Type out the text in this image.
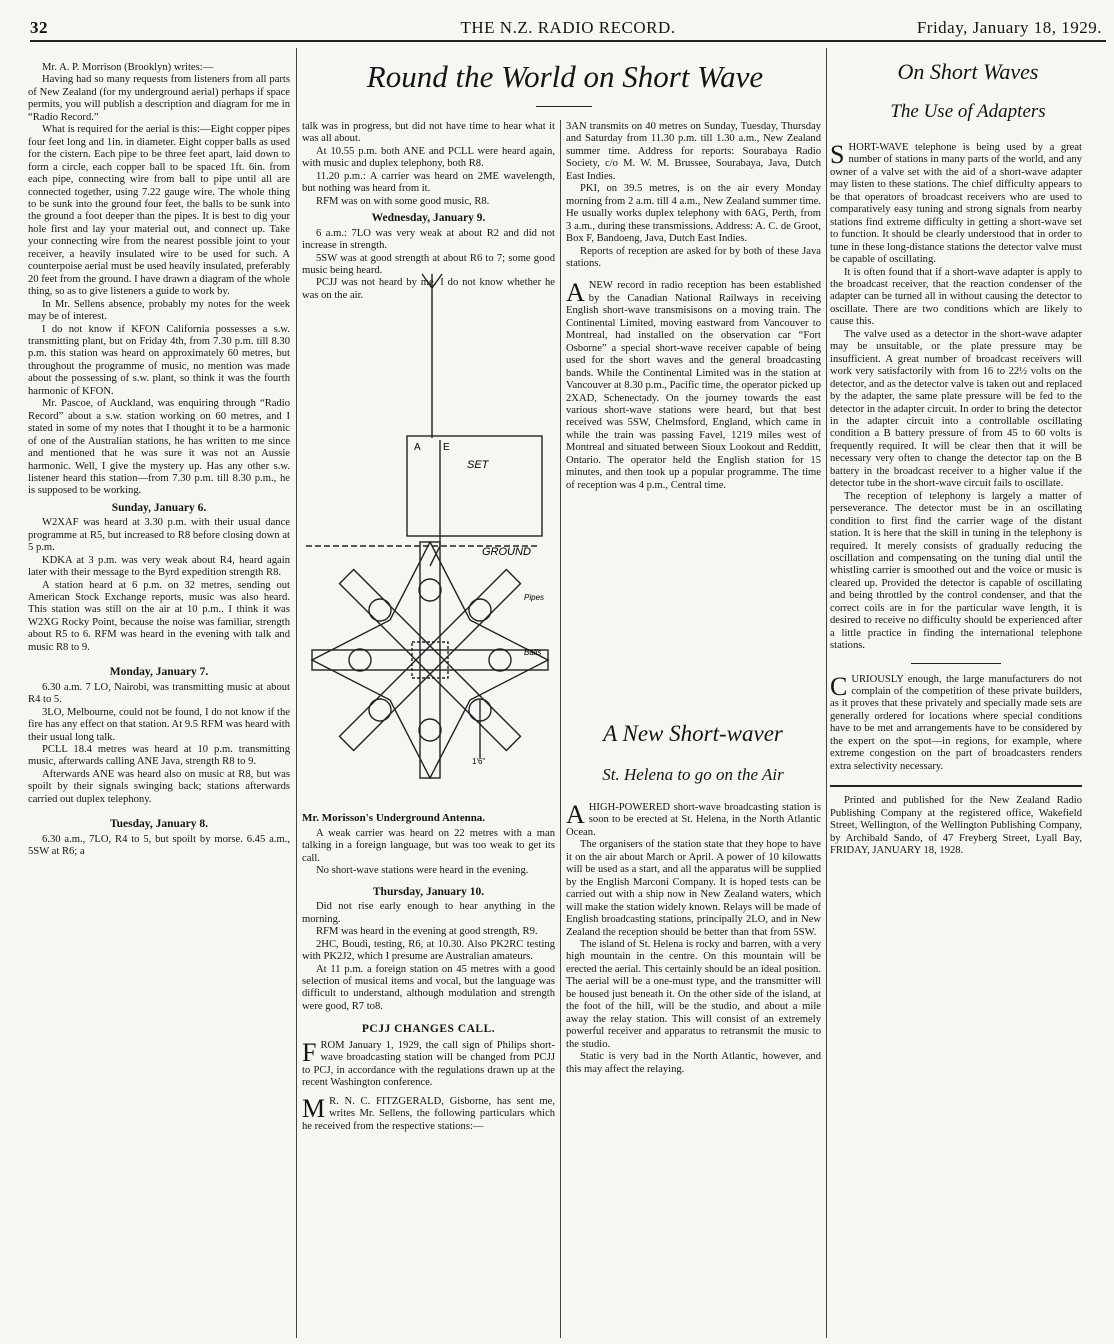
32	THE N.Z. RADIO RECORD.	Friday, January 18, 1929.

Mr. A. P. Morrison (Brooklyn) writes:—

Having had so many requests from listeners from all parts of New Zealand (for my underground aerial) perhaps if space permits, you will publish a description and diagram for me in “Radio Record.”

What is required for the aerial is this:—Eight copper pipes four feet long and 1in. in diameter. Eight copper balls as used for the cistern. Each pipe to be three feet apart, laid down to form a circle, each copper ball to be spaced 1ft. 6in. from each pipe, connecting wire from ball to pipe until all are connected together, using 7.22 gauge wire. The whole thing to be sunk into the ground four feet, the balls to be sunk into the ground a foot deeper than the pipes. It is best to dig your hole first and lay your material out, and connect up. Take your connecting wire from the nearest possible joint to your receiver, a heavily insulated wire to be used for such. A counterpoise aerial must be used heavily insulated, preferably 20 feet from the ground. I have drawn a diagram of the whole thing, so as to give listeners a guide to work by.

In Mr. Sellens absence, probably my notes for the week may be of interest.

I do not know if KFON California possesses a s.w. transmitting plant, but on Friday 4th, from 7.30 p.m. till 8.30 p.m. this station was heard on approximately 60 metres, but throughout the programme of music, no mention was made about the possessing of s.w. plant, so think it was the fourth harmonic of KFON.

Mr. Pascoe, of Auckland, was enquiring through “Radio Record” about a s.w. station working on 60 metres, and I stated in some of my notes that I thought it to be a harmonic of one of the Australian stations, he has written to me since and mentioned that he was sure it was not an Aussie harmonic. Well, I give the mystery up. Has any other s.w. listener heard this station—from 7.30 p.m. till 8.30 p.m., he is supposed to be working.

Sunday, January 6.

W2XAF was heard at 3.30 p.m. with their usual dance programme at R5, but increased to R8 before closing down at 5 p.m.

KDKA at 3 p.m. was very weak about R4, heard again later with their message to the Byrd expedition strength R8.

A station heard at 6 p.m. on 32 metres, sending out American Stock Exchange reports, music was also heard. This station was still on the air at 10 p.m.. I think it was W2XG Rocky Point, because the noise was familiar, strength about R5 to 6. RFM was heard in the evening with talk and music R8 to 9.

Monday, January 7.

6.30 a.m. 7 LO, Nairobi, was transmitting music at about R4 to 5.

3LO, Melbourne, could not be found, I do not know if the fire has any effect on that station. At 9.5 RFM was heard with their usual long talk.

PCLL 18.4 metres was heard at 10 p.m. transmitting music, afterwards calling ANE Java, strength R8 to 9.

Afterwards ANE was heard also on music at R8, but was spoilt by their signals swinging back; stations afterwards carried out duplex telephony.

Tuesday, January 8.

6.30 a.m., 7LO, R4 to 5, but spoilt by morse. 6.45 a.m., 5SW at R6; a

Round the World on Short Wave

talk was in progress, but did not have time to hear what it was all about.

At 10.55 p.m. both ANE and PCLL were heard again, with music and duplex telephony, both R8.

11.20 p.m.: A carrier was heard on 2ME wavelength, but nothing was heard from it.

RFM was on with some good music, R8.

Wednesday, January 9.

6 a.m.: 7LO was very weak at about R2 and did not increase in strength.

5SW was at good strength at about R6 to 7; some good music being heard.

PCJJ was not heard by me. I do not know whether he was on the air.

A E
SET
GROUND
Pipes
Balls
1'6"
Mr. Morisson's Underground Antenna.

A weak carrier was heard on 22 metres with a man talking in a foreign language, but was too weak to get its call.

No short-wave stations were heard in the evening.

Thursday, January 10.

Did not rise early enough to hear anything in the morning.

RFM was heard in the evening at good strength, R9.

2HC, Boudi, testing, R6, at 10.30. Also PK2RC testing with PK2J2, which I presume are Australian amateurs.

At 11 p.m. a foreign station on 45 metres with a good selection of musical items and vocal, but the language was difficult to understand, although modulation and strength were good, R7 to8.

PCJJ CHANGES CALL.

FROM January 1, 1929, the call sign of Philips short-wave broadcasting station will be changed from PCJJ to PCJ, in accordance with the regulations drawn up at the recent Washington conference.

M R. N. C. FITZGERALD, Gisborne, has sent me, writes Mr. Sellens, the following particulars which he received from the respective stations:—

3AN transmits on 40 metres on Sunday, Tuesday, Thursday and Saturday from 11.30 p.m. till 1.30 a.m., New Zealand summer time. Address for reports: Sourabaya Radio Society, c/o M. W. M. Brussee, Sourabaya, Java, Dutch East Indies.

PKI, on 39.5 metres, is on the air every Monday morning from 2 a.m. till 4 a.m., New Zealand summer time. He usually works duplex telephony with 6AG, Perth, from 3 a.m., during these transmissions. Address: A. C. de Groot, Box F, Bandoeng, Java, Dutch East Indies.

Reports of reception are asked for by both of these Java stations.

ANEW record in radio reception has been established by the Canadian National Railways in receiving English short-wave transmisisons on a moving train. The Continental Limited, moving eastward from Vancouver to Montreal, had installed on the observation car “Fort Osborne” a special short-wave receiver capable of being used for the short waves and the general broadcasting bands. While the Continental Limited was in the station at Vancouver at 8.30 p.m., Pacific time, the operator picked up 2XAD, Schenectady. On the journey towards the east various short-wave stations were heard, but that best received was 5SW, Chelmsford, England, which came in while the train was passing Favel, 1219 miles west of Montreal and situated between Sioux Lookout and Redditt, Ontario. The operator held the English station for 15 minutes, and then took up a popular programme. The time of reception was 4 p.m., Central time.

A New Short-waver
St. Helena to go on the Air

AHIGH-POWERED short-wave broadcasting station is soon to be erected at St. Helena, in the North Atlantic Ocean.

The organisers of the station state that they hope to have it on the air about March or April. A power of 10 kilowatts will be used as a start, and all the apparatus will be supplied by the English Marconi Company. It is hoped tests can be carried out with a ship now in New Zealand waters, which will make the station widely known. Relays will be made of English broadcasting stations, principally 2LO, and in New Zealand the reception should be better than that from 5SW.

The island of St. Helena is rocky and barren, with a very high mountain in the centre. On this mountain will be erected the aerial. This certainly should be an ideal position. The aerial will be a one-must type, and the transmitter will be housed just beneath it. On the other side of the island, at the foot of the hill, will be the studio, and about a mile away the relay station. This will consist of an extremely powerful receiver and apparatus to retransmit the music to the studio.

Static is very bad in the North Atlantic, however, and this may affect the relaying.

On Short Waves
The Use of Adapters

SHORT-WAVE telephone is being used by a great number of stations in many parts of the world, and any owner of a valve set with the aid of a short-wave adapter may listen to these stations. The chief difficulty appears to be that operators of broadcast receivers who are used to comparatively easy tuning and strong signals from nearby stations find extreme difficulty in getting a short-wave set to function. It should be clearly understood that in order to tune in these long-distance stations the detector valve must be capable of oscillating.

It is often found that if a short-wave adapter is apply to the broadcast receiver, that the reaction condenser of the adapter can be turned all in without causing the detector to oscillate. There are two conditions which are likely to cause this.

The valve used as a detector in the short-wave adapter may be unsuitable, or the plate pressure may be insufficient. A great number of broadcast receivers will work very satisfactorily with from 16 to 22½ volts on the detector, and as the detector valve is taken out and replaced by the adapter, the same plate pressure will be fed to the detector in the adapter circuit. In order to bring the detector in the adapter circuit into a controllable oscillating condition a B battery pressure of from 45 to 60 volts is frequently required. It will be clear then that it will be necessary very often to change the detector tap on the B battery in the broadcast receiver to a higher value if the detector tube in the short-wave circuit fails to oscillate.

The reception of telephony is largely a matter of perseverance. The detector must be in an oscillating condition to first find the carrier wage of the distant station. It is here that the skill in tuning in the telephony is required. It merely consists of gradually reducing the oscillation and compensating on the tuning dial until the whistling carrier is smoothed out and the voice or music is cleared up. Provided the detector is capable of oscillating and being throttled by the control condenser, and that the correct coils are in for the particular wave length, it is desired to receive no difficulty should be experienced after a little practice in finding the international telephone stations.

CURIOUSLY enough, the large manufacturers do not complain of the competition of these private builders, as it proves that these privately and specially made sets are generally ordered for locations where special conditions have to be met and arrangements have to be considered by the expert on the spot—in regions, for example, where extreme congestion on the part of broadcasters renders extra selectivity necessary.

Printed and published for the New Zealand Radio Publishing Company at the registered office, Wakefield Street, Wellington, of the Wellington Publishing Company, by Archibald Sando, of 47 Freyberg Street, Lyall Bay, FRIDAY, JANUARY 18, 1928.
